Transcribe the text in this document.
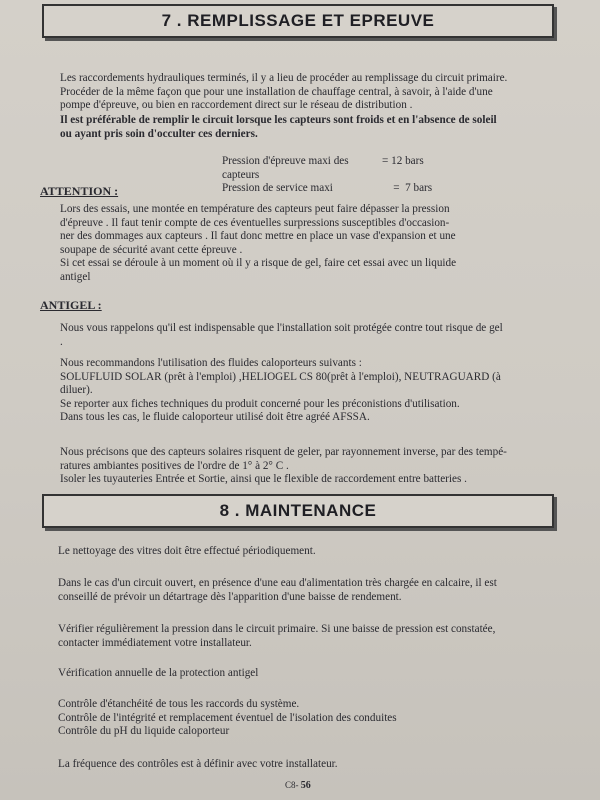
7 . REMPLISSAGE ET EPREUVE

Les raccordements hydrauliques terminés, il y a lieu de procéder au remplissage du circuit primaire.
Procéder de la même façon que pour une installation de chauffage central, à savoir, à l'aide d'une
pompe d'épreuve, ou bien en raccordement direct sur le réseau de distribution .

Il est préférable de remplir le circuit lorsque les capteurs sont froids et en l'absence de soleil
ou ayant pris soin d'occulter ces derniers.

Pression d'épreuve maxi des capteurs
= 12 bars
Pression de service maxi	=  7 bars

ATTENTION :

Lors des essais, une montée en température des capteurs peut faire dépasser la pression
d'épreuve . Il faut tenir compte de ces éventuelles surpressions susceptibles d'occasion-
ner des dommages aux capteurs . Il faut donc mettre en place un vase d'expansion et une
soupape de sécurité avant cette épreuve .
Si cet essai se déroule à un moment où il y a risque de gel, faire cet essai avec un liquide
antigel

ANTIGEL :

Nous vous rappelons qu'il est indispensable que l'installation soit protégée contre tout risque de gel
.

Nous recommandons l'utilisation des fluides caloporteurs suivants :
SOLUFLUID SOLAR (prêt à l'emploi) ,HELIOGEL CS 80(prêt à l'emploi), NEUTRAGUARD (à
diluer).
Se reporter aux fiches techniques du produit concerné pour les préconistions d'utilisation.
Dans tous les cas, le fluide caloporteur utilisé doit être agréé AFSSA.

Nous précisons que des capteurs solaires risquent de geler, par rayonnement inverse, par des tempé-
ratures ambiantes positives de l'ordre de 1° à 2° C .
Isoler les tuyauteries Entrée et Sortie, ainsi que le flexible de raccordement entre batteries .

8 . MAINTENANCE

Le nettoyage des vitres doit être effectué périodiquement.

Dans le cas d'un circuit ouvert, en présence d'une eau d'alimentation très chargée en calcaire, il est
conseillé de prévoir un détartrage dès l'apparition d'une baisse de rendement.

Vérifier régulièrement la pression dans le circuit primaire. Si une baisse de pression est constatée,
contacter immédiatement votre installateur.

Vérification annuelle de la protection antigel

Contrôle d'étanchéité de tous les raccords du système.
Contrôle de l'intégrité et remplacement éventuel de l'isolation des conduites
Contrôle du pH du liquide caloporteur

La fréquence des contrôles est à définir avec votre installateur.

C8- 56
